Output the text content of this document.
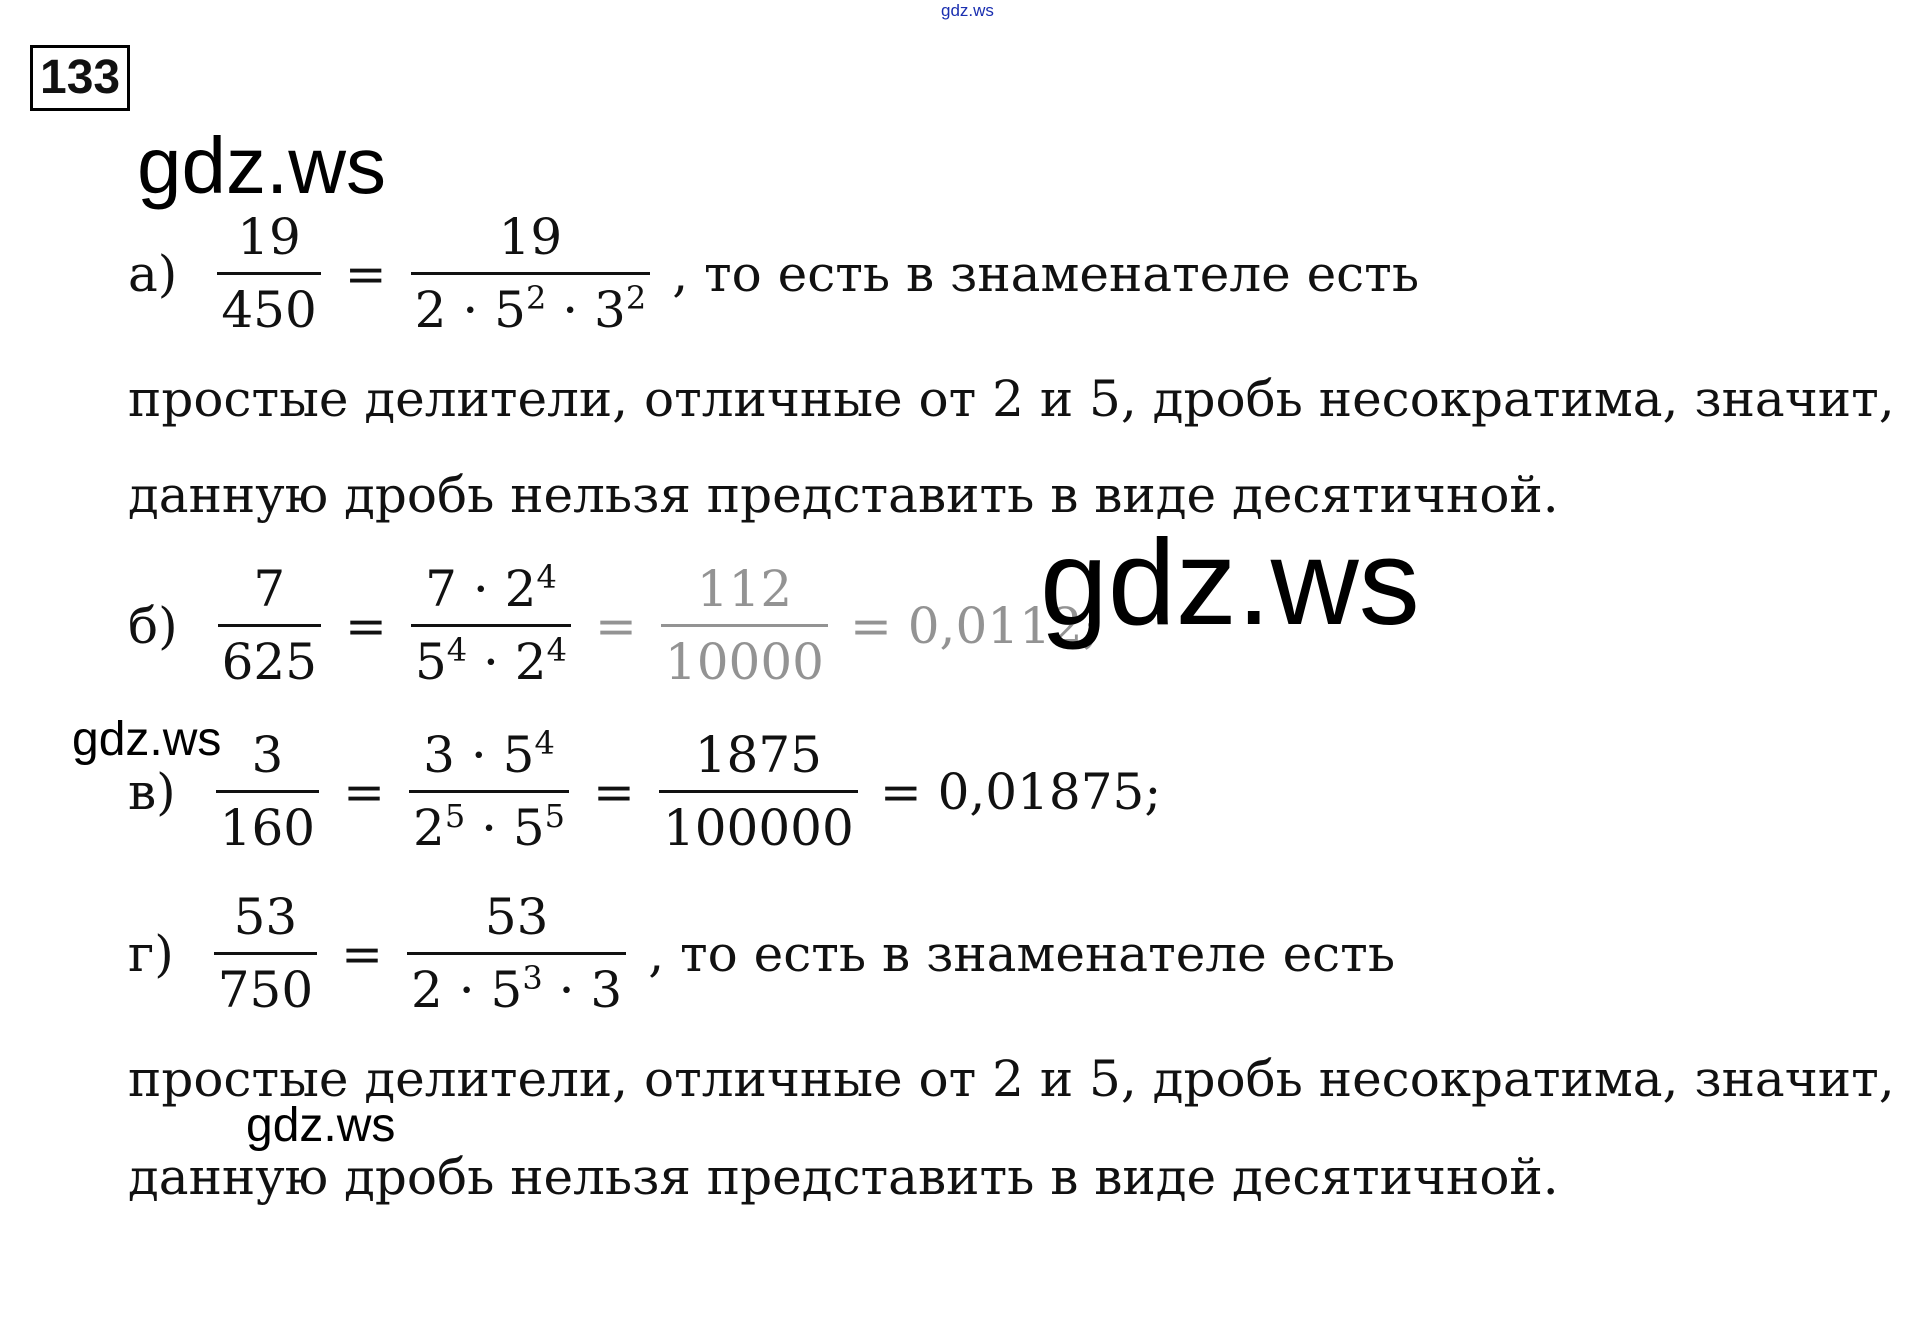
gdz.ws
gdz.ws
133
$а) \frac{19}{450} = \frac{19}{2 \cdot 5^2 \cdot 3^2}$ , то есть в знаменателе есть
простые делители, отличные от 2 и 5, дробь несократима, значит,
данную дробь нельзя представить в виде десятичной.
$б) \frac{7}{625} = \frac{7 \cdot 2^4}{5^4 \cdot 2^4} = \frac{112}{10000} = 0,0112$;
$в) \frac{3}{160} = \frac{3 \cdot 5^4}{2^5 \cdot 5^5} = \frac{1875}{100000} = 0,01875$;
$г) \frac{53}{750} = \frac{53}{2 \cdot 5^3 \cdot 3}$ , то есть в знаменателе есть
простые делители, отличные от 2 и 5, дробь несократима, значит,
данную дробь нельзя представить в виде десятичной.
gdz.ws
gdz.ws
gdz.ws
